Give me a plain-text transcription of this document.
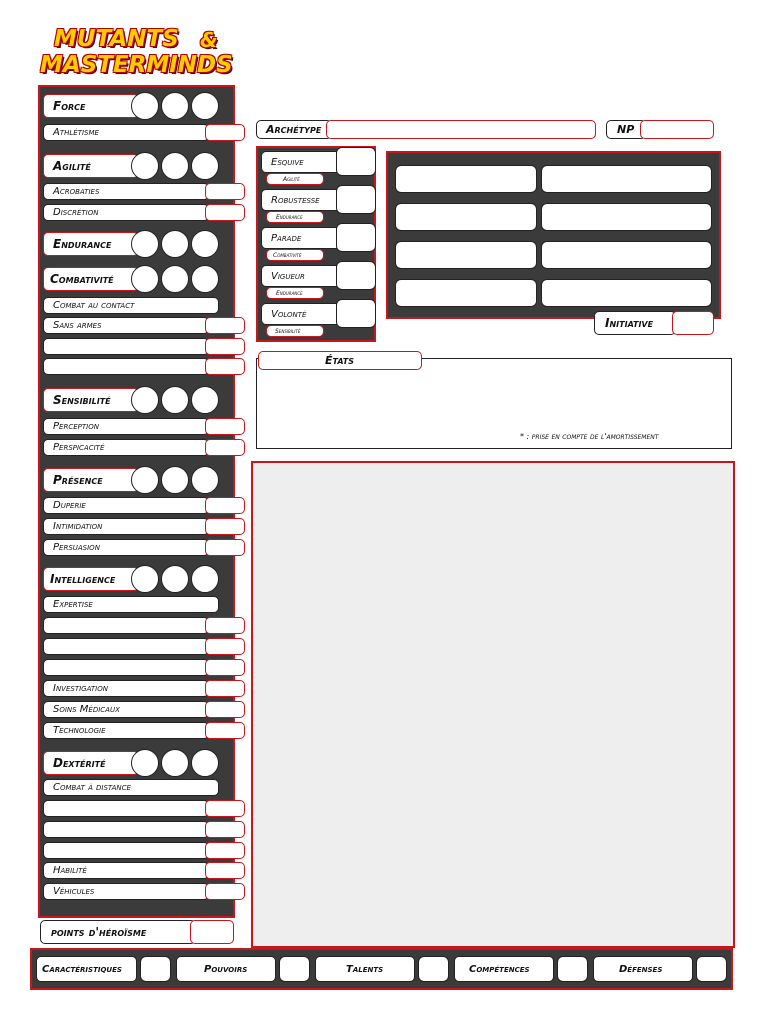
MUTANTS &
MASTERMINDS
Force
Athlétisme
Agilité
Acrobaties
Discrétion
Endurance
Combativité
Combat au contact
Sans armes
Sensibilité
Perception
Perspicacité
Présence
Duperie
Intimidation
Persuasion
Intelligence
Expertise
Investigation
Soins Médicaux
Technologie
Dextérité
Combat à distance
Habilité
Véhicules
points d'héroïsme
Archétype	NP
Esquive
Agilité
Robustesse
Endurance
Parade
Combativité
Vigueur
Endurance
Volonté
Sensibilité
Initiative
États
* : prise en compte de l'amortissement
Caractéristiques	Pouvoirs	Talents	Compétences	Défenses
